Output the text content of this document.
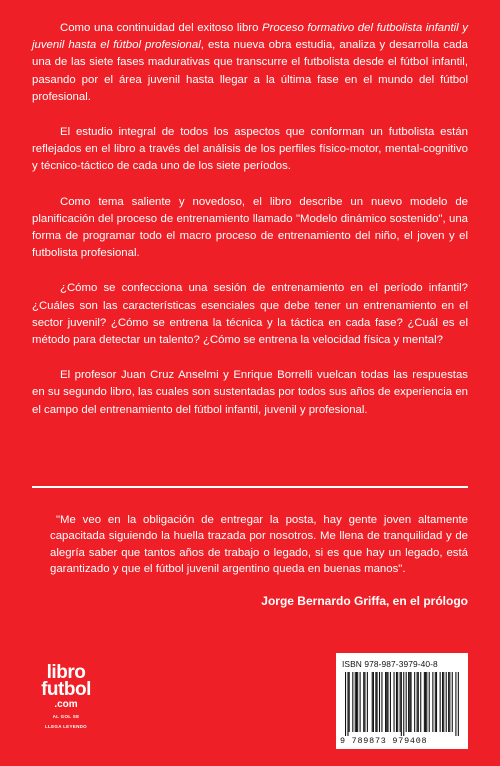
Como una continuidad del exitoso libro Proceso formativo del futbolista infantil y juvenil hasta el fútbol profesional, esta nueva obra estudia, analiza y desarrolla cada una de las siete fases madurativas que transcurre el futbolista desde el fútbol infantil, pasando por el área juvenil hasta llegar a la última fase en el mundo del fútbol profesional.

El estudio integral de todos los aspectos que conforman un futbolista están reflejados en el libro a través del análisis de los perfiles físico-motor, mental-cognitivo y técnico-táctico de cada uno de los siete períodos.

Como tema saliente y novedoso, el libro describe un nuevo modelo de planificación del proceso de entrenamiento llamado "Modelo dinámico sostenido", una forma de programar todo el macro proceso de entrenamiento del niño, el joven y el futbolista profesional.

¿Cómo se confecciona una sesión de entrenamiento en el período infantil? ¿Cuáles son las características esenciales que debe tener un entrenamiento en el sector juvenil? ¿Cómo se entrena la técnica y la táctica en cada fase? ¿Cuál es el método para detectar un talento? ¿Cómo se entrena la velocidad física y mental?

El profesor Juan Cruz Anselmi y Enrique Borrelli vuelcan todas las respuestas en su segundo libro, las cuales son sustentadas por todos sus años de experiencia en el campo del entrenamiento del fútbol infantil, juvenil y profesional.

"Me veo en la obligación de entregar la posta, hay gente joven altamente capacitada siguiendo la huella trazada por nosotros. Me llena de tranquilidad y de alegría saber que tantos años de trabajo o legado, si es que hay un legado, está garantizado y que el fútbol juvenil argentino queda en buenas manos".

Jorge Bernardo Griffa, en el prólogo

libro
futbol
.com
AL GOL SE
LLEGA LEYENDO
ISBN 978-987-3979-40-8
9 789873 979408
